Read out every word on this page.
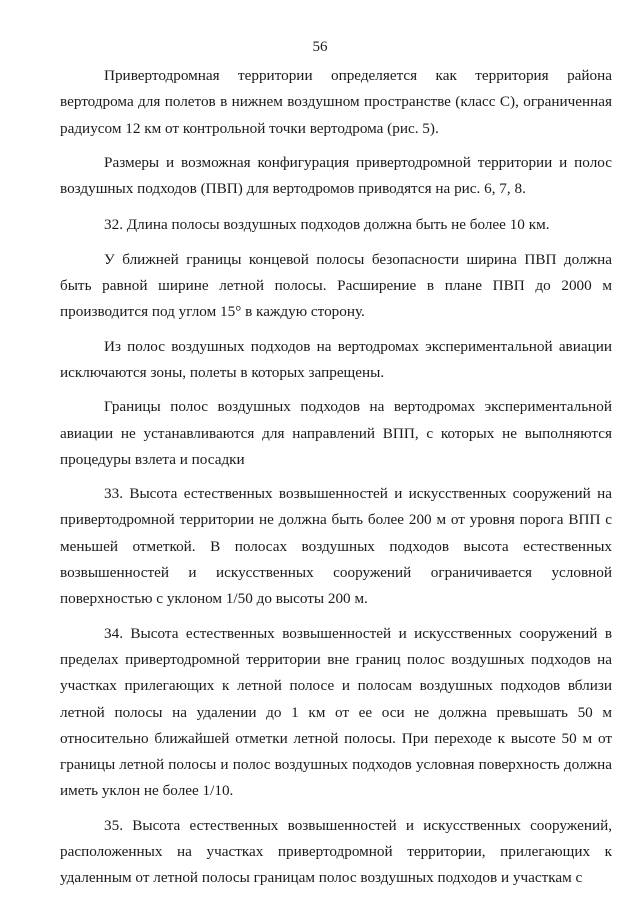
56

Привертодромная территории определяется как территория района вертодрома для полетов в нижнем воздушном пространстве (класс С), ограниченная радиусом 12 км от контрольной точки вертодрома (рис. 5).

Размеры и возможная конфигурация привертодромной территории и полос воздушных подходов (ПВП) для вертодромов приводятся на рис. 6, 7, 8.

32. Длина полосы воздушных подходов должна быть не более 10 км.

У ближней границы концевой полосы безопасности ширина ПВП должна быть равной ширине летной полосы. Расширение в плане ПВП до 2000 м производится под углом 15° в каждую сторону.

Из полос воздушных подходов на вертодромах экспериментальной авиации исключаются зоны, полеты в которых запрещены.

Границы полос воздушных подходов на вертодромах экспериментальной авиации не устанавливаются для направлений ВПП, с которых не выполняются процедуры взлета и посадки

33. Высота естественных возвышенностей и искусственных сооружений на привертодромной территории не должна быть более 200 м от уровня порога ВПП с меньшей отметкой. В полосах воздушных подходов высота естественных возвышенностей и искусственных сооружений ограничивается условной поверхностью с уклоном 1/50 до высоты 200 м.

34. Высота естественных возвышенностей и искусственных сооружений в пределах привертодромной территории вне границ полос воздушных подходов на участках прилегающих к летной полосе и полосам воздушных подходов вблизи летной полосы на удалении до 1 км от ее оси не должна превышать 50 м относительно ближайшей отметки летной полосы. При переходе к высоте 50 м от границы летной полосы и полос воздушных подходов условная поверхность должна иметь уклон не более 1/10.

35. Высота естественных возвышенностей и искусственных сооружений, расположенных на участках привертодромной территории, прилегающих к удаленным от летной полосы границам полос воздушных подходов и участкам с
